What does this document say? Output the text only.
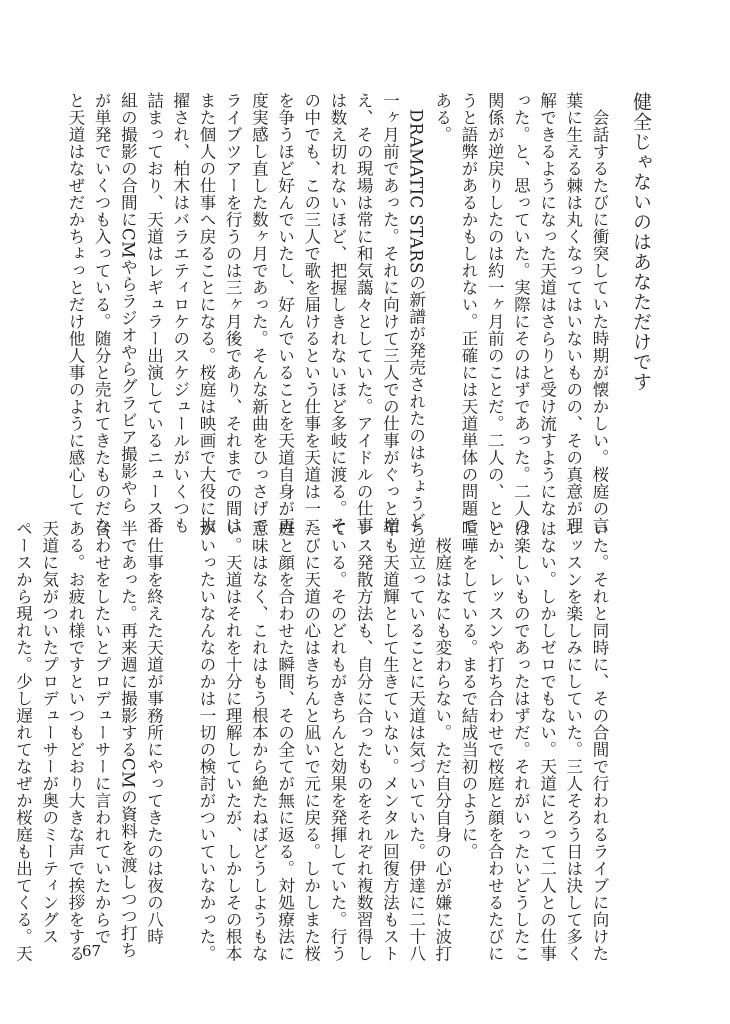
健全じゃないのはあなただけです
　会話するたびに衝突していた時期が懐かしい。桜庭の言
葉に生える棘は丸くなってはいないものの、その真意が理
解できるようになった天道はさらりと受け流すようにな
った。と、思っていた。実際にそのはずであった。二人の
関係が逆戻りしたのは約一ヶ月前のことだ。二人の、とい
うと語弊があるかもしれない。正確には天道単体の問題で
ある。
　DRAMATIC STARSの新譜が発売されたのはちょうど
一ヶ月前であった。それに向けて三人での仕事がぐっと増
え、その現場は常に和気藹々としていた。アイドルの仕事
は数え切れないほど、把握しきれないほど多岐に渡る。そ
の中でも、この三人で歌を届けるという仕事を天道は一二
を争うほど好んでいたし、好んでいることを天道自身が再
度実感し直した数ヶ月であった。そんな新曲をひっさげて
ライブツアーを行うのは三ヶ月後であり、それまでの間は
また個人の仕事へ戻ることになる。桜庭は映画で大役に抜
擢され、柏木はバラエティロケのスケジュールがいくつも
詰まっており、天道はレギュラー出演しているニュース番
組の撮影の合間にCMやらラジオやらグラビア撮影やら
が単発でいくつも入っている。随分と売れてきたものだな、
と天道はなぜだかちょっとだけ他人事のように感心して
いた。それと同時に、その合間で行われるライブに向けた
レッスンを楽しみにしていた。三人そろう日は決して多く
はない。しかしゼロでもない。天道にとって二人との仕事
は楽しいものであったはずだ。それがいったいどうしたこ
とか、レッスンや打ち合わせで桜庭と顔を合わせるたびに
喧嘩をしている。まるで結成当初のように。
　桜庭はなにも変わらない。ただ自分自身の心が嫌に波打
ち逆立っていることに天道は気づいていた。伊達に二十八
年も天道輝として生きていない。メンタル回復方法もスト
レス発散方法も、自分に合ったものをそれぞれ複数習得し
ている。そのどれもがきちんと効果を発揮していた。行う
たびに天道の心はきちんと凪いで元に戻る。しかしまた桜
庭と顔を合わせた瞬間、その全てが無に返る。対処療法に
意味はなく、これはもう根本から絶たねばどうしようもな
い。天道はそれを十分に理解していたが、しかしその根本
がいったいなんなのかは一切の検討がついていなかった。

　仕事を終えた天道が事務所にやってきたのは夜の八時
半であった。再来週に撮影するCMの資料を渡しつつ打ち
合わせをしたいとプロデューサーに言われていたからで
ある。お疲れ様ですといつもどおり大きな声で挨拶をする
天道に気がついたプロデューサーが奥のミーティングス
ペースから現れた。少し遅れてなぜか桜庭も出てくる。天	67
